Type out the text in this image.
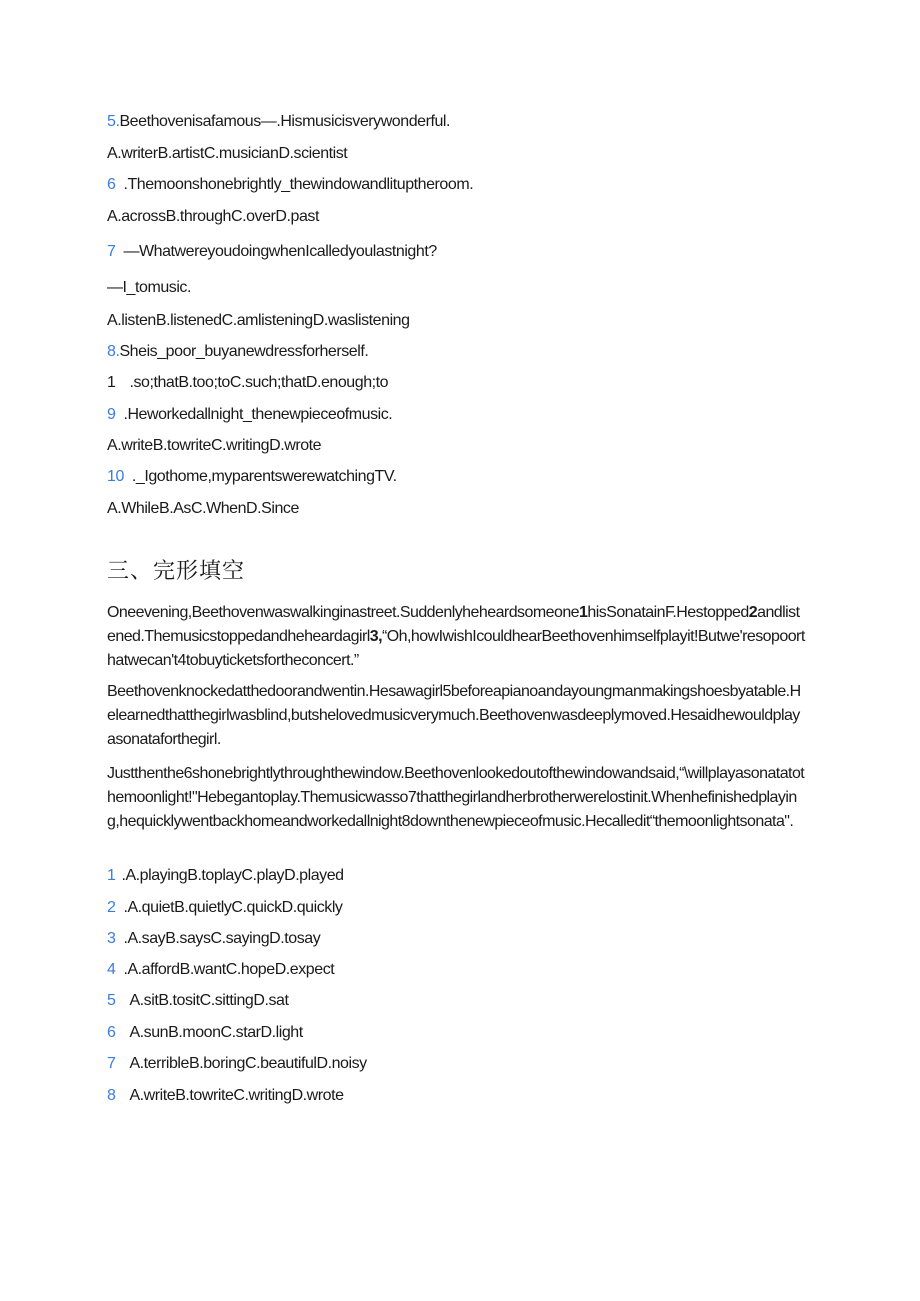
5.Beethovenisafamous—.Hismusicisverywonderful.
A.writerB.artistC.musicianD.scientist
6 .Themoonshonebrightly_thewindowandlituptheroom.
A.acrossB.throughC.overD.past
7 —WhatwereyoudoingwhenIcalledyoulastnight?
—I_tomusic.
A.listenB.listenedC.amlisteningD.waslistening
8.Sheis_poor_buyanewdressforherself.
1 .so;thatB.too;toC.such;thatD.enough;to
9 .Heworkedallnight_thenewpieceofmusic.
A.writeB.towriteC.writingD.wrote
10 ._Igothome,myparentswerewatchingTV.
A.WhileB.AsC.WhenD.Since
三、完形填空
Oneevening,Beethovenwaswalkinginastreet.Suddenlyheheardsomeone1hisSonatainF.Hestopped2andlistened.Themusicstoppedandheheardagirl3,“Oh,howIwishIcouldhearBeethovenhimselfplayit!Butwe'resopoorthatwecan't4tobuyticketsfortheconcert.”
Beethovenknockedatthedoorandwentin.Hesawagirl5beforeapianoandayoungmanmakingshoesbyatable.Helearnedthatthegirlwasblind,butshelovedmusicverymuch.Beethovenwasdeeplymoved.Hesaidhewouldplayasonataforthegirl.
Justthenthe6shonebrightlythroughthewindow.Beethovenlookedoutofthewindowandsaid,“\willplayasonatatothemoonlight!"Hebegantoplay.Themusicwasso7thatthegirlandherbrotherwerelostinit.Whenhefinishedplaying,hequicklywentbackhomeandworkedallnight8downthenewpieceofmusic.Hecalledit“themoonlightsonata".
1 .A.playingB.toplayC.playD.played
2 .A.quietB.quietlyC.quickD.quickly
3 .A.sayB.saysC.sayingD.tosay
4 .A.affordB.wantC.hopeD.expect
5 A.sitB.tositC.sittingD.sat
6 A.sunB.moonC.starD.light
7 A.terribleB.boringC.beautifulD.noisy
8 A.writeB.towriteC.writingD.wrote
